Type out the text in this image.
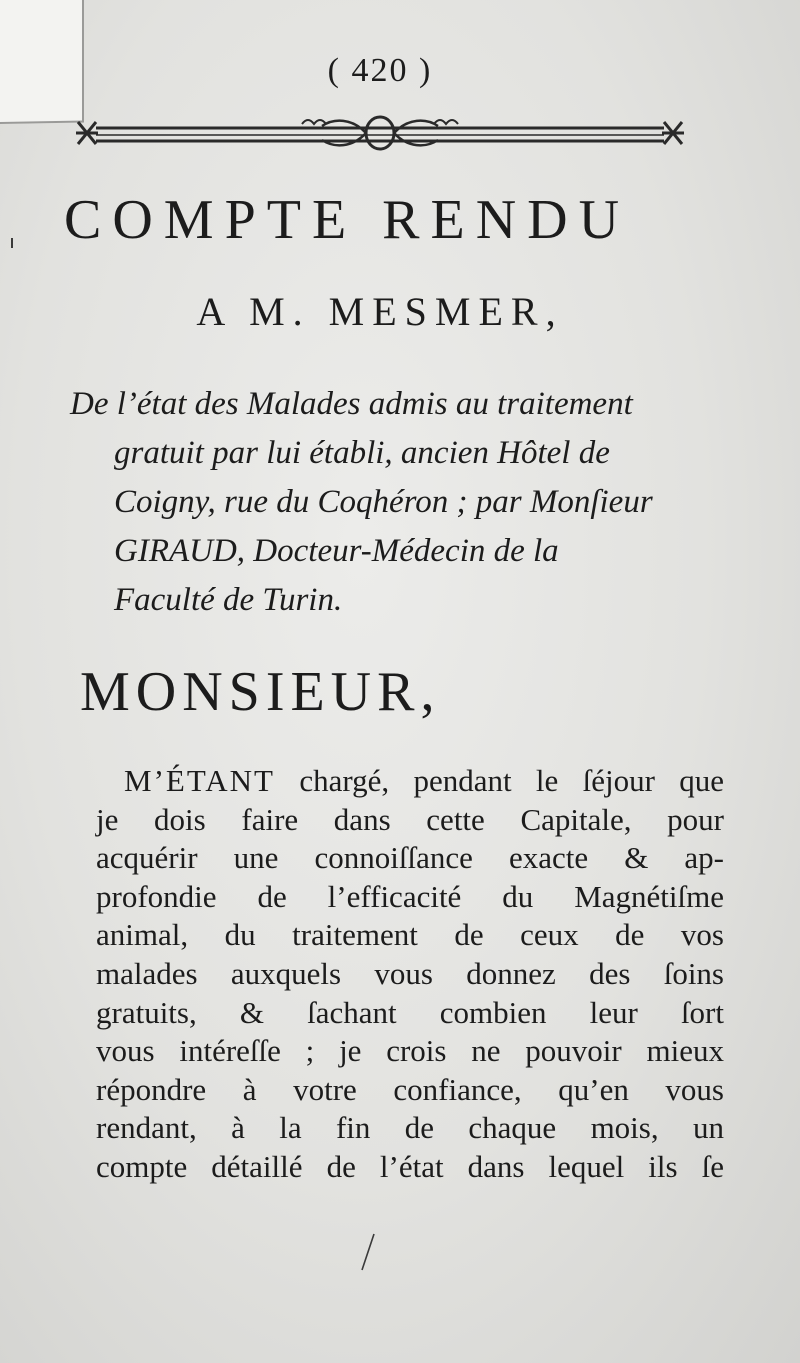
( 420 )
COMPTE RENDU
A M. MESMER,
De l’état des Malades admis au traitement
gratuit par lui établi, ancien Hôtel de
Coigny, rue du Coqhéron ; par Monſieur
GIRAUD, Docteur-Médecin de la
Faculté de Turin.
MONSIEUR,
M’ÉTANT chargé, pendant le ſéjour que
je dois faire dans cette Capitale, pour
acquérir une connoiſſance exacte & ap-
profondie de l’efficacité du Magnétiſme
animal, du traitement de ceux de vos
malades auxquels vous donnez des ſoins
gratuits, & ſachant combien leur ſort
vous intéreſſe ; je crois ne pouvoir mieux
répondre à votre confiance, qu’en vous
rendant, à la fin de chaque mois, un
compte détaillé de l’état dans lequel ils ſe
